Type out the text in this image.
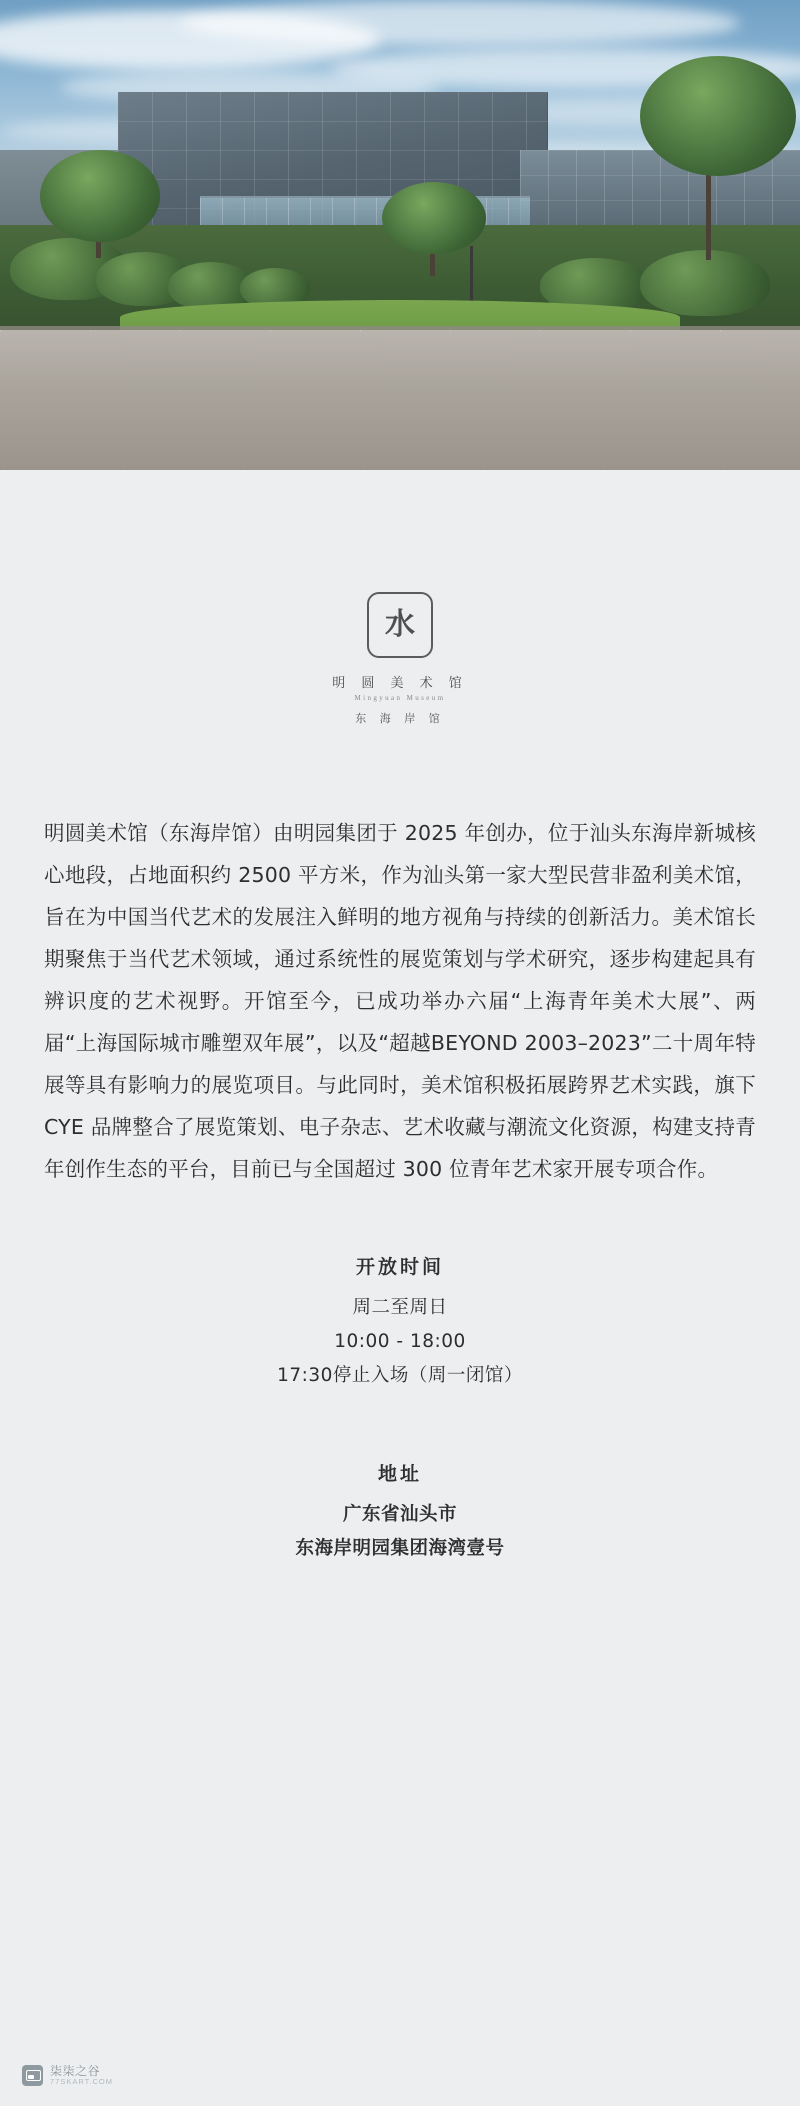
水
明 圆 美 术 馆
Mingyuan Museum
东 海 岸 馆
明圆美术馆（东海岸馆）由明园集团于 2025 年创办，位于汕头东海岸新城核心地段，占地面积约 2500 平方米，作为汕头第一家大型民营非盈利美术馆，旨在为中国当代艺术的发展注入鲜明的地方视角与持续的创新活力。美术馆长期聚焦于当代艺术领域，通过系统性的展览策划与学术研究，逐步构建起具有辨识度的艺术视野。开馆至今，已成功举办六届“上海青年美术大展”、两届“上海国际城市雕塑双年展”，以及“超越BEYOND 2003–2023”二十周年特展等具有影响力的展览项目。与此同时，美术馆积极拓展跨界艺术实践，旗下 CYE 品牌整合了展览策划、电子杂志、艺术收藏与潮流文化资源，构建支持青年创作生态的平台，目前已与全国超过 300 位青年艺术家开展专项合作。
开放时间
周二至周日
10:00 - 18:00
17:30停止入场（周一闭馆）
地址
广东省汕头市
东海岸明园集团海湾壹号
柒柒之谷
77SKART.COM
